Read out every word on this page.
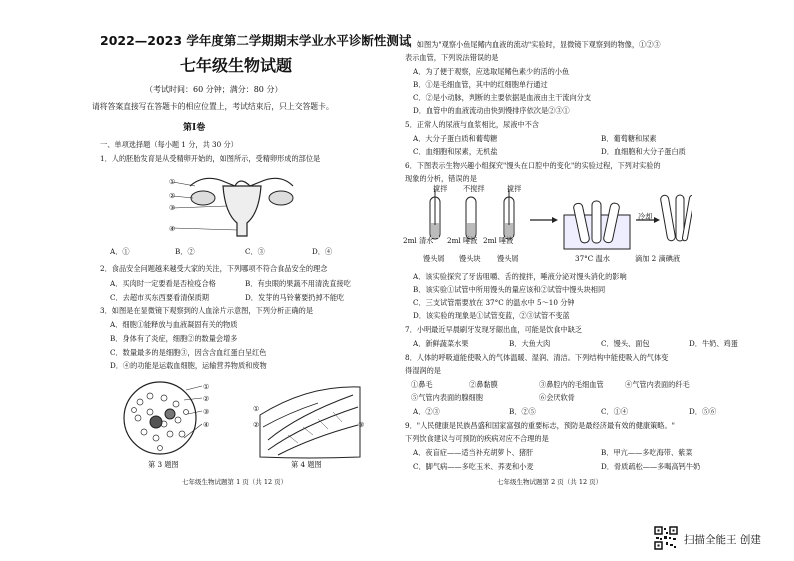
2022—2023 学年度第二学期期末学业水平诊断性测试
七年级生物试题
（考试时间：60 分钟；满分：80 分）
请将答案直接写在答题卡的相应位置上，考试结束后，只上交答题卡。
第Ⅰ卷
一、单项选择题（每小题 1 分，共 30 分）
1．人的胚胎发育是从受精卵开始的，如图所示，受精卵形成的部位是
①
②
③
④
A．①	B．②	C．③	D．④
2．食品安全问题越来越受大家的关注，下列哪项不符合食品安全的理念
A．买肉时一定要看是否检疫合格	B．有虫眼的果蔬不用清洗直接吃
C．去超市买东西要看清保质期	D．发芽的马铃薯要扔掉不能吃
3．如图是在显微镜下观察到的人血涂片示意图，下列分析正确的是
A．细胞①能释放与血液凝固有关的物质
B．身体有了炎症，细胞②的数量会增多
C．数量最多的是细胞③，因含含血红蛋白呈红色
D．④的功能是运载血细胞，运输营养物质和废物
①
②
③
④
第 3 题图
①
②	③
第 4 题图
七年级生物试题第 1 页（共 12 页）
4．如图为"观察小鱼尾鳍内血液的流动"实验时，显微镜下观察到的物像，①②③
表示血管，下列说法错误的是
A．为了便于观察，应选取尾鳍色素少的活的小鱼
B．①是毛细血管，其中的红细胞单行通过
C．②是小动脉，判断的主要依据是血液由主干流向分支
D．血管中的血液流动由快到慢排序依次是②③①
5．正常人的尿液与血浆相比，尿液中不含
A．大分子蛋白质和葡萄糖	B．葡萄糖和尿素
C．血细胞和尿素，无机盐	D．血细胞和大分子蛋白质
6．下图表示生物兴趣小组探究"馒头在口腔中的变化"的实验过程，下列对实验的
现象的分析，错误的是
搅拌 不搅拌	搅拌
冷却
2ml 清水 2ml 唾液 2ml 唾液
37°C 温水	滴加 2 滴碘液
馒头屑 馒头块 馒头屑
A．该实验探究了牙齿咀嚼、舌的搅拌，唾液分泌对馒头消化的影响
B．该实验①试管中所用馒头的量应该和②试管中馒头块相同
C．三支试管需要放在 37°C 的温水中 5～10 分钟
D．该实验的现象是①试管变蓝，②③试管不变蓝
7．小明最近早晨刷牙发现牙龈出血，可能是饮食中缺乏
A．新鲜蔬菜水果	B．大鱼大肉	C．馒头、面包	D．牛奶、鸡蛋
8．人体的呼吸道能使吸入的气体温暖、湿润、清洁。下列结构中能使吸入的气体变
得湿润的是
①鼻毛	②鼻黏膜	③鼻腔内的毛细血管	④气管内表面的纤毛
⑤气管内表面的腺细胞	⑥会厌软骨
A．②③	B．②⑤	C．①④	D．⑤⑥
9．"人民健康是民族昌盛和国家富强的重要标志，预防是最经济最有效的健康策略。"
下列饮食建议与可预防的疾病对应不合理的是
A．夜盲症——适当补充胡萝卜、猪肝	B．甲亢——多吃海带、紫菜
C．脚气病——多吃玉米、荞麦和小麦	D．骨质疏松——多喝高钙牛奶
七年级生物试题第 2 页（共 12 页）
扫描全能王 创建
